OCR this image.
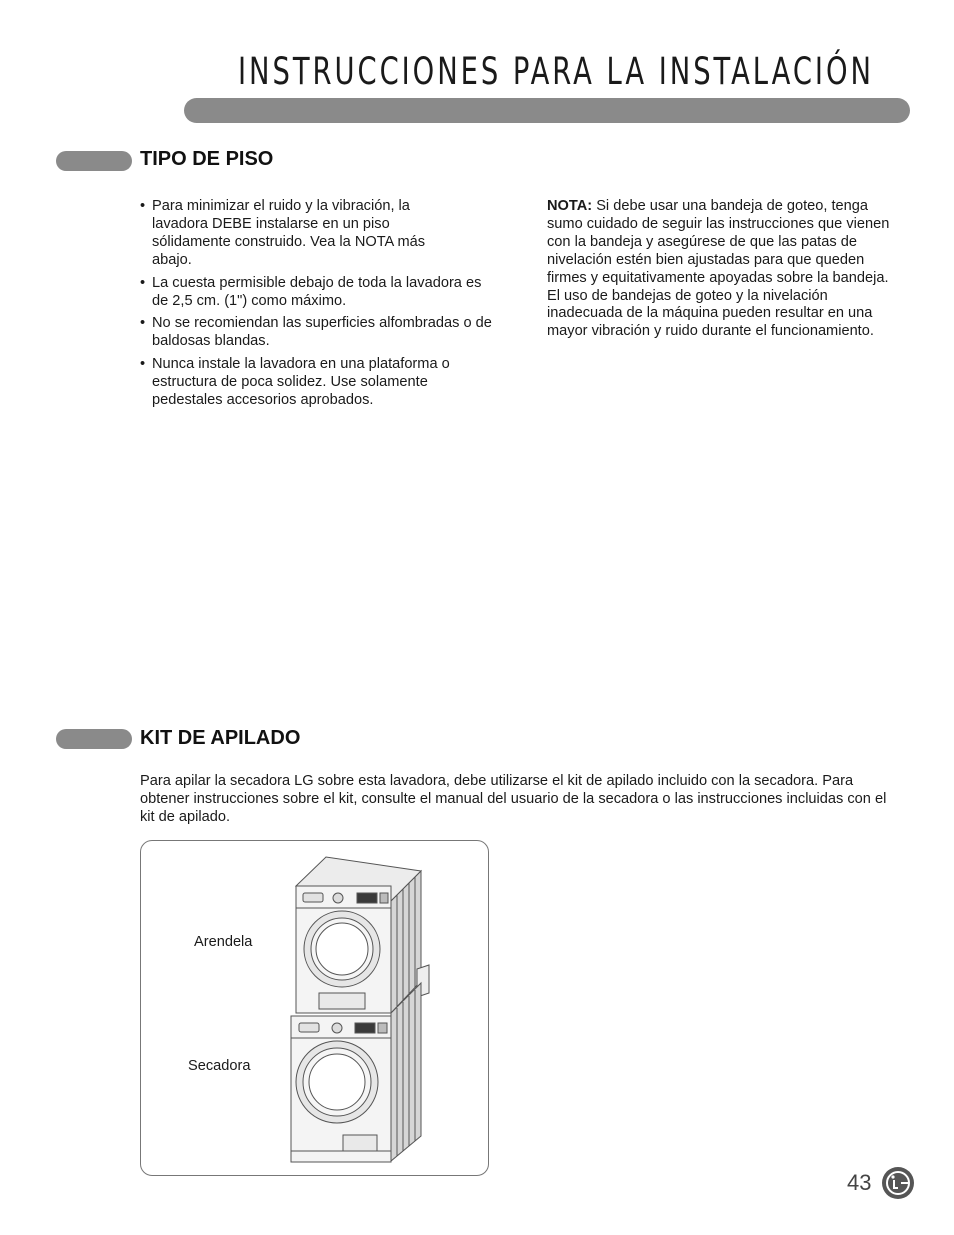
INSTRUCCIONES PARA LA INSTALACIÓN
TIPO DE PISO
• Para minimizar el ruido y la vibración, la lavadora DEBE instalarse en un piso sólidamente construido. Vea la NOTA más abajo.
• La cuesta permisible debajo de toda la lavadora es de 2,5 cm. (1") como máximo.
• No se recomiendan las superficies alfombradas o de baldosas blandas.
• Nunca instale la lavadora en una plataforma o estructura de poca solidez. Use solamente pedestales accesorios aprobados.

NOTA: Si debe usar una bandeja de goteo, tenga sumo cuidado de seguir las instrucciones que vienen con la bandeja y asegúrese de que las patas de nivelación estén bien ajustadas para que queden firmes y equitativamente apoyadas sobre la bandeja. El uso de bandejas de goteo y la nivelación inadecuada de la máquina pueden resultar en una mayor vibración y ruido durante el funcionamiento.

KIT DE APILADO

Para apilar la secadora LG sobre esta lavadora, debe utilizarse el kit de apilado incluido con la secadora. Para obtener instrucciones sobre el kit, consulte el manual del usuario de la secadora o las instrucciones incluidas con el kit de apilado.

Arendela
Secadora
43
